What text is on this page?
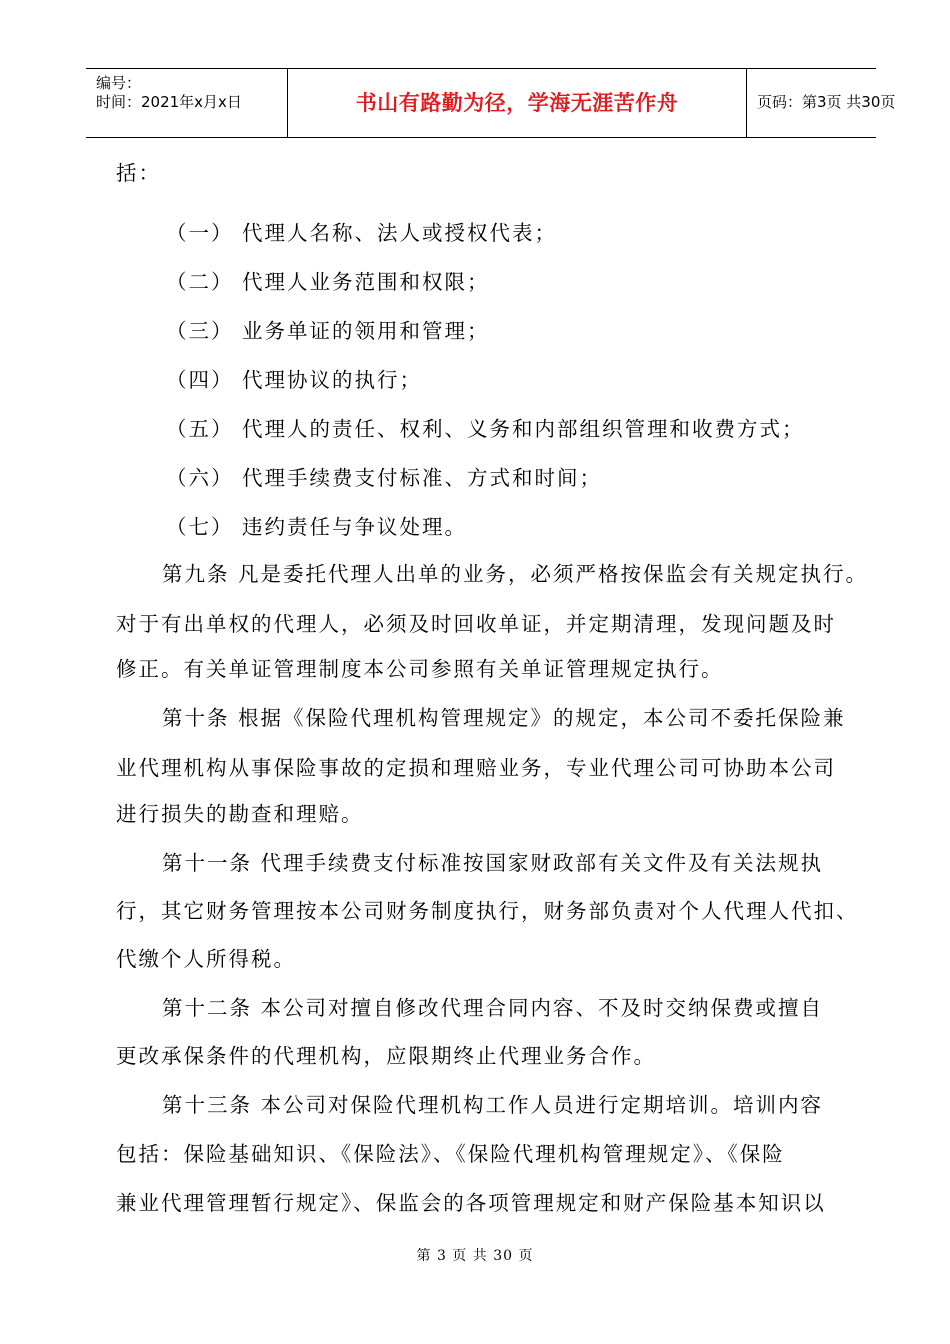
编号：
时间：2021年x月x日	书山有路勤为径，学海无涯苦作舟	页码：第3页 共30页
括：
（一） 代理人名称、法人或授权代表；
（二） 代理人业务范围和权限；
（三） 业务单证的领用和管理；
（四） 代理协议的执行；
（五） 代理人的责任、权利、义务和内部组织管理和收费方式；
（六） 代理手续费支付标准、方式和时间；
（七） 违约责任与争议处理。
第九条 凡是委托代理人出单的业务，必须严格按保监会有关规定执行。
对于有出单权的代理人，必须及时回收单证，并定期清理，发现问题及时
修正。有关单证管理制度本公司参照有关单证管理规定执行。
第十条 根据《保险代理机构管理规定》的规定，本公司不委托保险兼
业代理机构从事保险事故的定损和理赔业务，专业代理公司可协助本公司
进行损失的勘查和理赔。
第十一条 代理手续费支付标准按国家财政部有关文件及有关法规执
行，其它财务管理按本公司财务制度执行，财务部负责对个人代理人代扣、
代缴个人所得税。
第十二条 本公司对擅自修改代理合同内容、不及时交纳保费或擅自
更改承保条件的代理机构，应限期终止代理业务合作。
第十三条 本公司对保险代理机构工作人员进行定期培训。培训内容
包括：保险基础知识、《保险法》、《保险代理机构管理规定》、《保险
兼业代理管理暂行规定》、保监会的各项管理规定和财产保险基本知识以
第 3 页 共 30 页
